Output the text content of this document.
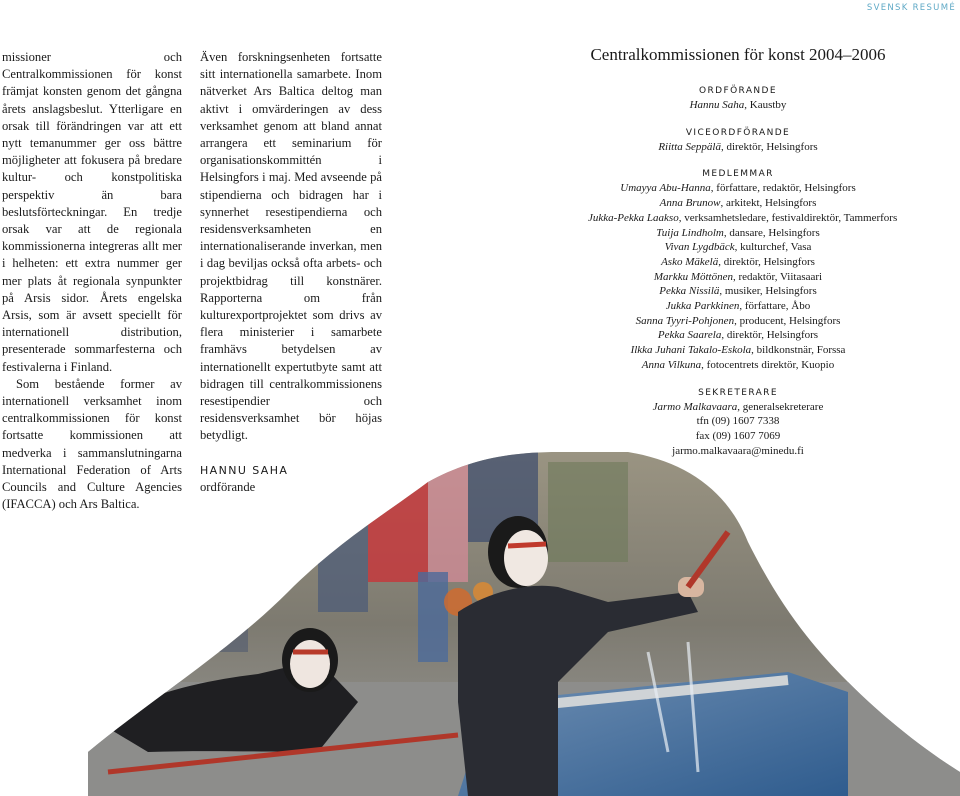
SVENSK RESUMÉ

missioner och Centralkommissionen för konst främjat konsten genom det gångna årets anslagsbeslut. Ytterligare en orsak till förändringen var att ett nytt temanummer ger oss bättre möjligheter att fokusera på bredare kultur- och konstpolitiska perspektiv än bara beslutsförteckningar. En tredje orsak var att de regionala kommissionerna integreras allt mer i helheten: ett extra nummer ger mer plats åt regionala synpunkter på Arsis sidor. Årets engelska Arsis, som är avsett speciellt för internationell distribution, presenterade sommarfesterna och festivalerna i Finland.

Som bestående former av internationell verksamhet inom centralkommissionen för konst fortsatte kommissionen att medverka i sammanslutningarna International Federation of Arts Councils and Culture Agencies (IFACCA) och Ars Baltica.

Även forskningsenheten fortsatte sitt internationella samarbete. Inom nätverket Ars Baltica deltog man aktivt i omvärderingen av dess verksamhet genom att bland annat arrangera ett seminarium för organisationskommittén i Helsingfors i maj. Med avseende på stipendierna och bidragen har i synnerhet resestipendierna och residensverksamheten en internationaliserande inverkan, men i dag beviljas också ofta arbets- och projektbidrag till konstnärer. Rapporterna om från kulturexportprojektet som drivs av flera ministerier i samarbete framhävs betydelsen av internationellt expertutbyte samt att bidragen till centralkommissionens resestipendier och residensverksamhet bör höjas betydligt.

HANNU SAHA
ordförande
Centralkommissionen för konst 2004–2006
ORDFÖRANDE
Hannu Saha, Kaustby
VICEORDFÖRANDE
Riitta Seppälä, direktör, Helsingfors
MEDLEMMAR
Umayya Abu-Hanna, författare, redaktör, Helsingfors
Anna Brunow, arkitekt, Helsingfors
Jukka-Pekka Laakso, verksamhetsledare, festivaldirektör, Tammerfors
Tuija Lindholm, dansare, Helsingfors
Vivan Lygdbäck, kulturchef, Vasa
Asko Mäkelä, direktör, Helsingfors
Markku Möttönen, redaktör, Viitasaari
Pekka Nissilä, musiker, Helsingfors
Jukka Parkkinen, författare, Åbo
Sanna Tyyri-Pohjonen, producent, Helsingfors
Pekka Saarela, direktör, Helsingfors
Ilkka Juhani Takalo-Eskola, bildkonstnär, Forssa
Anna Vilkuna, fotocentrets direktör, Kuopio
SEKRETERARE
Jarmo Malkavaara, generalsekreterare
tfn (09) 1607 7338
fax (09) 1607 7069
jarmo.malkavaara@minedu.fi
